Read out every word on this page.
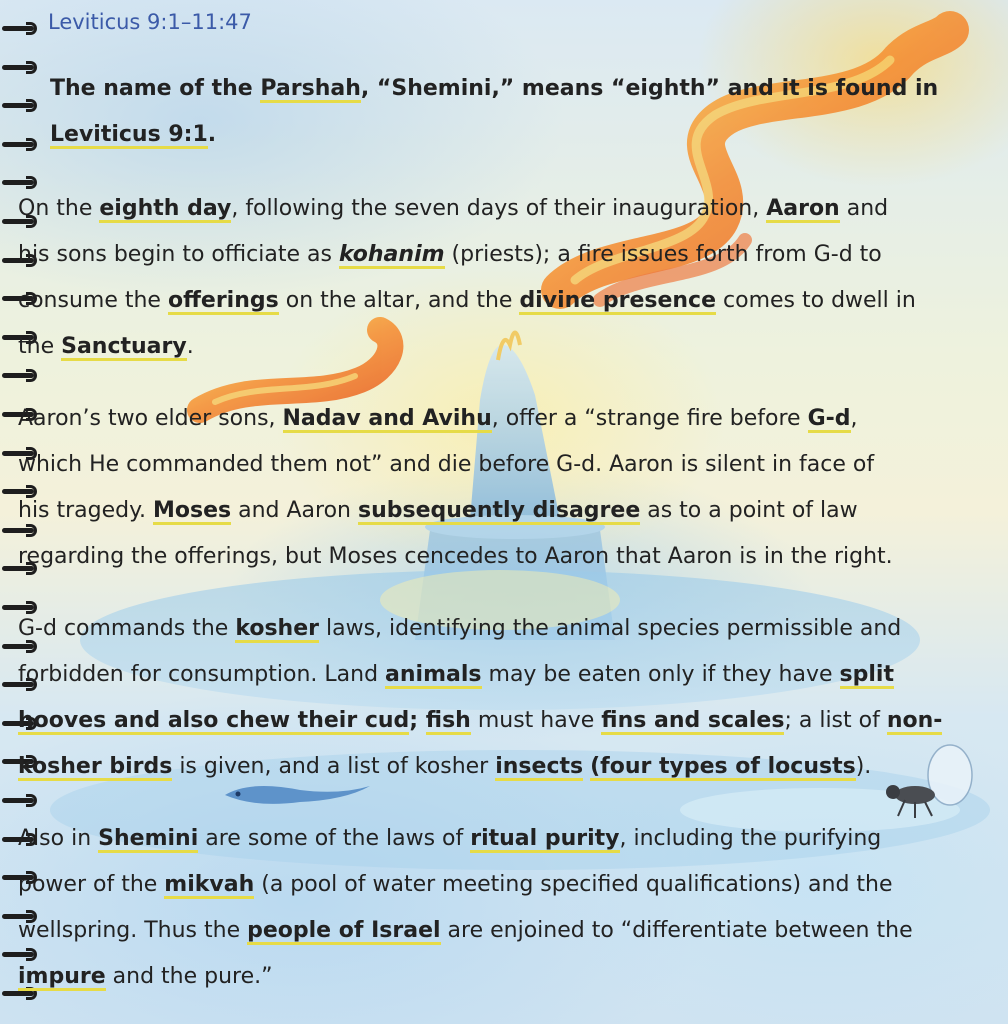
Leviticus 9:1–11:47

The name of the Parshah, “Shemini,” means “eighth” and it is found in
Leviticus 9:1.

On the eighth day, following the seven days of their inauguration, Aaron and
his sons begin to officiate as kohanim (priests); a fire issues forth from G-d to
consume the offerings on the altar, and the divine presence comes to dwell in
the Sanctuary.

Aaron’s two elder sons, Nadav and Avihu, offer a “strange fire before G-d,
which He commanded them not” and die before G-d. Aaron is silent in face of
his tragedy. Moses and Aaron subsequently disagree as to a point of law
regarding the offerings, but Moses cencedes to Aaron that Aaron is in the right.

G-d commands the kosher laws, identifying the animal species permissible and
forbidden for consumption. Land animals may be eaten only if they have split
hooves and also chew their cud; fish must have fins and scales; a list of non-
kosher birds is given, and a list of kosher insects (four types of locusts).

Also in Shemini are some of the laws of ritual purity, including the purifying
power of the mikvah (a pool of water meeting specified qualifications) and the
wellspring. Thus the people of Israel are enjoined to “differentiate between the
impure and the pure.”
